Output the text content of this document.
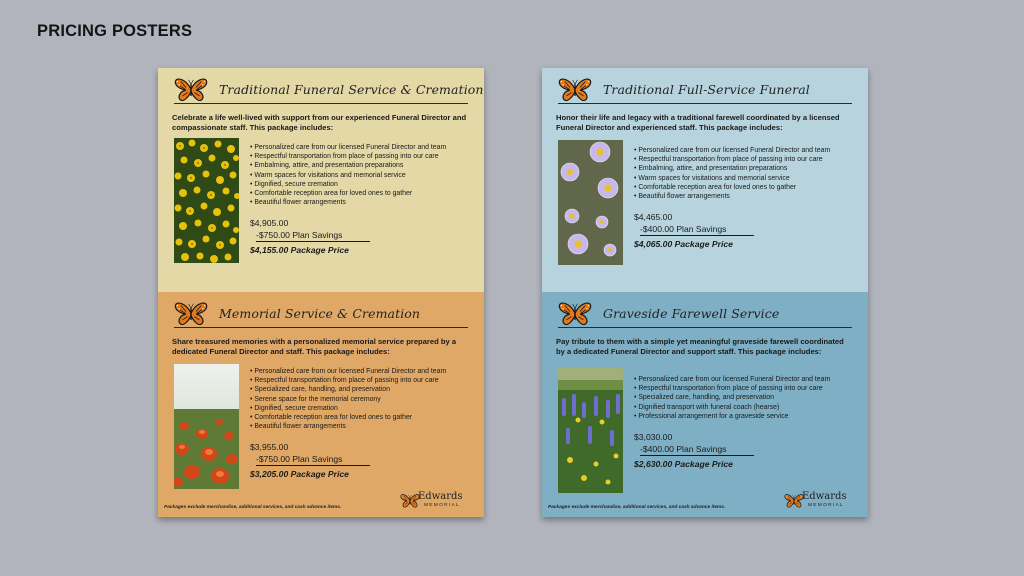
PRICING POSTERS
Traditional Funeral Service & Cremation
Celebrate a life well-lived with support from our experienced Funeral Director and compassionate staff. This package includes:
• Personalized care from our licensed Funeral Director and team
• Respectful transportation from place of passing into our care
• Embalming, attire, and presentation preparations
• Warm spaces for visitations and memorial service
• Dignified, secure cremation
• Comfortable reception area for loved ones to gather
• Beautiful flower arrangements
$4,905.00
-$750.00 Plan Savings
$4,155.00 Package Price
Memorial Service & Cremation
Share treasured memories with a personalized memorial service prepared by a dedicated Funeral Director and staff. This package includes:
• Personalized care from our licensed Funeral Director and team
• Respectful transportation from place of passing into our care
• Specialized care, handling, and preservation
• Serene space for the memorial ceremony
• Dignified, secure cremation
• Comfortable reception area for loved ones to gather
• Beautiful flower arrangements
$3,955.00
-$750.00 Plan Savings
$3,205.00 Package Price
Packages exclude merchandise, additional services, and cash advance items.
Edwards
MEMORIAL
Traditional Full-Service Funeral
Honor their life and legacy with a traditional farewell coordinated by a licensed Funeral Director and experienced staff. This package includes:
• Personalized care from our licensed Funeral Director and team
• Respectful transportation from place of passing into our care
• Embalming, attire, and presentation preparations
• Warm spaces for visitations and memorial service
• Comfortable reception area for loved ones to gather
• Beautiful flower arrangements
$4,465.00
-$400.00 Plan Savings
$4,065.00 Package Price
Graveside Farewell Service
Pay tribute to them with a simple yet meaningful graveside farewell coordinated by a dedicated Funeral Director and support staff. This package includes:
• Personalized care from our licensed Funeral Director and team
• Respectful transportation from place of passing into our care
• Specialized care, handling, and preservation
• Dignified transport with funeral coach (hearse)
• Professional arrangement for a graveside service
$3,030.00
-$400.00 Plan Savings
$2,630.00 Package Price
Packages exclude merchandise, additional services, and cash advance items.
Edwards
MEMORIAL
